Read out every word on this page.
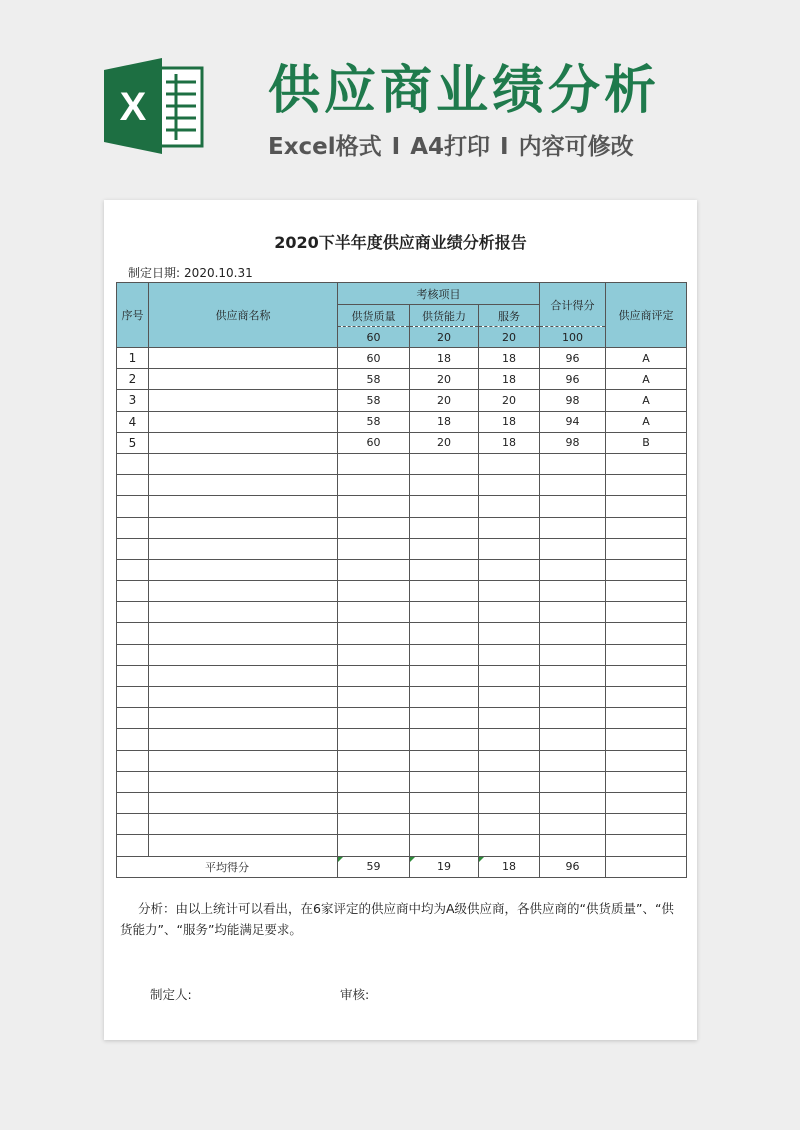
X 供应商业绩分析
Excel格式 I A4打印 I 内容可修改
2020下半年度供应商业绩分析报告
制定日期: 2020.10.31
序号	供应商名称	考核项目			合计得分	供应商评定
		供货质量	供货能力	服务		
		60	20	20	100	
1		60	18	18	96	A
2		58	20	18	96	A
3		58	20	20	98	A
4		58	18	18	94	A
5		60	20	18	98	B

平均得分		59	19	18	96	
分析：由以上统计可以看出，在6家评定的供应商中均为A级供应商，各供应商的“供货质量”、“供货能力”、“服务”均能满足要求。
制定人:	审核:
